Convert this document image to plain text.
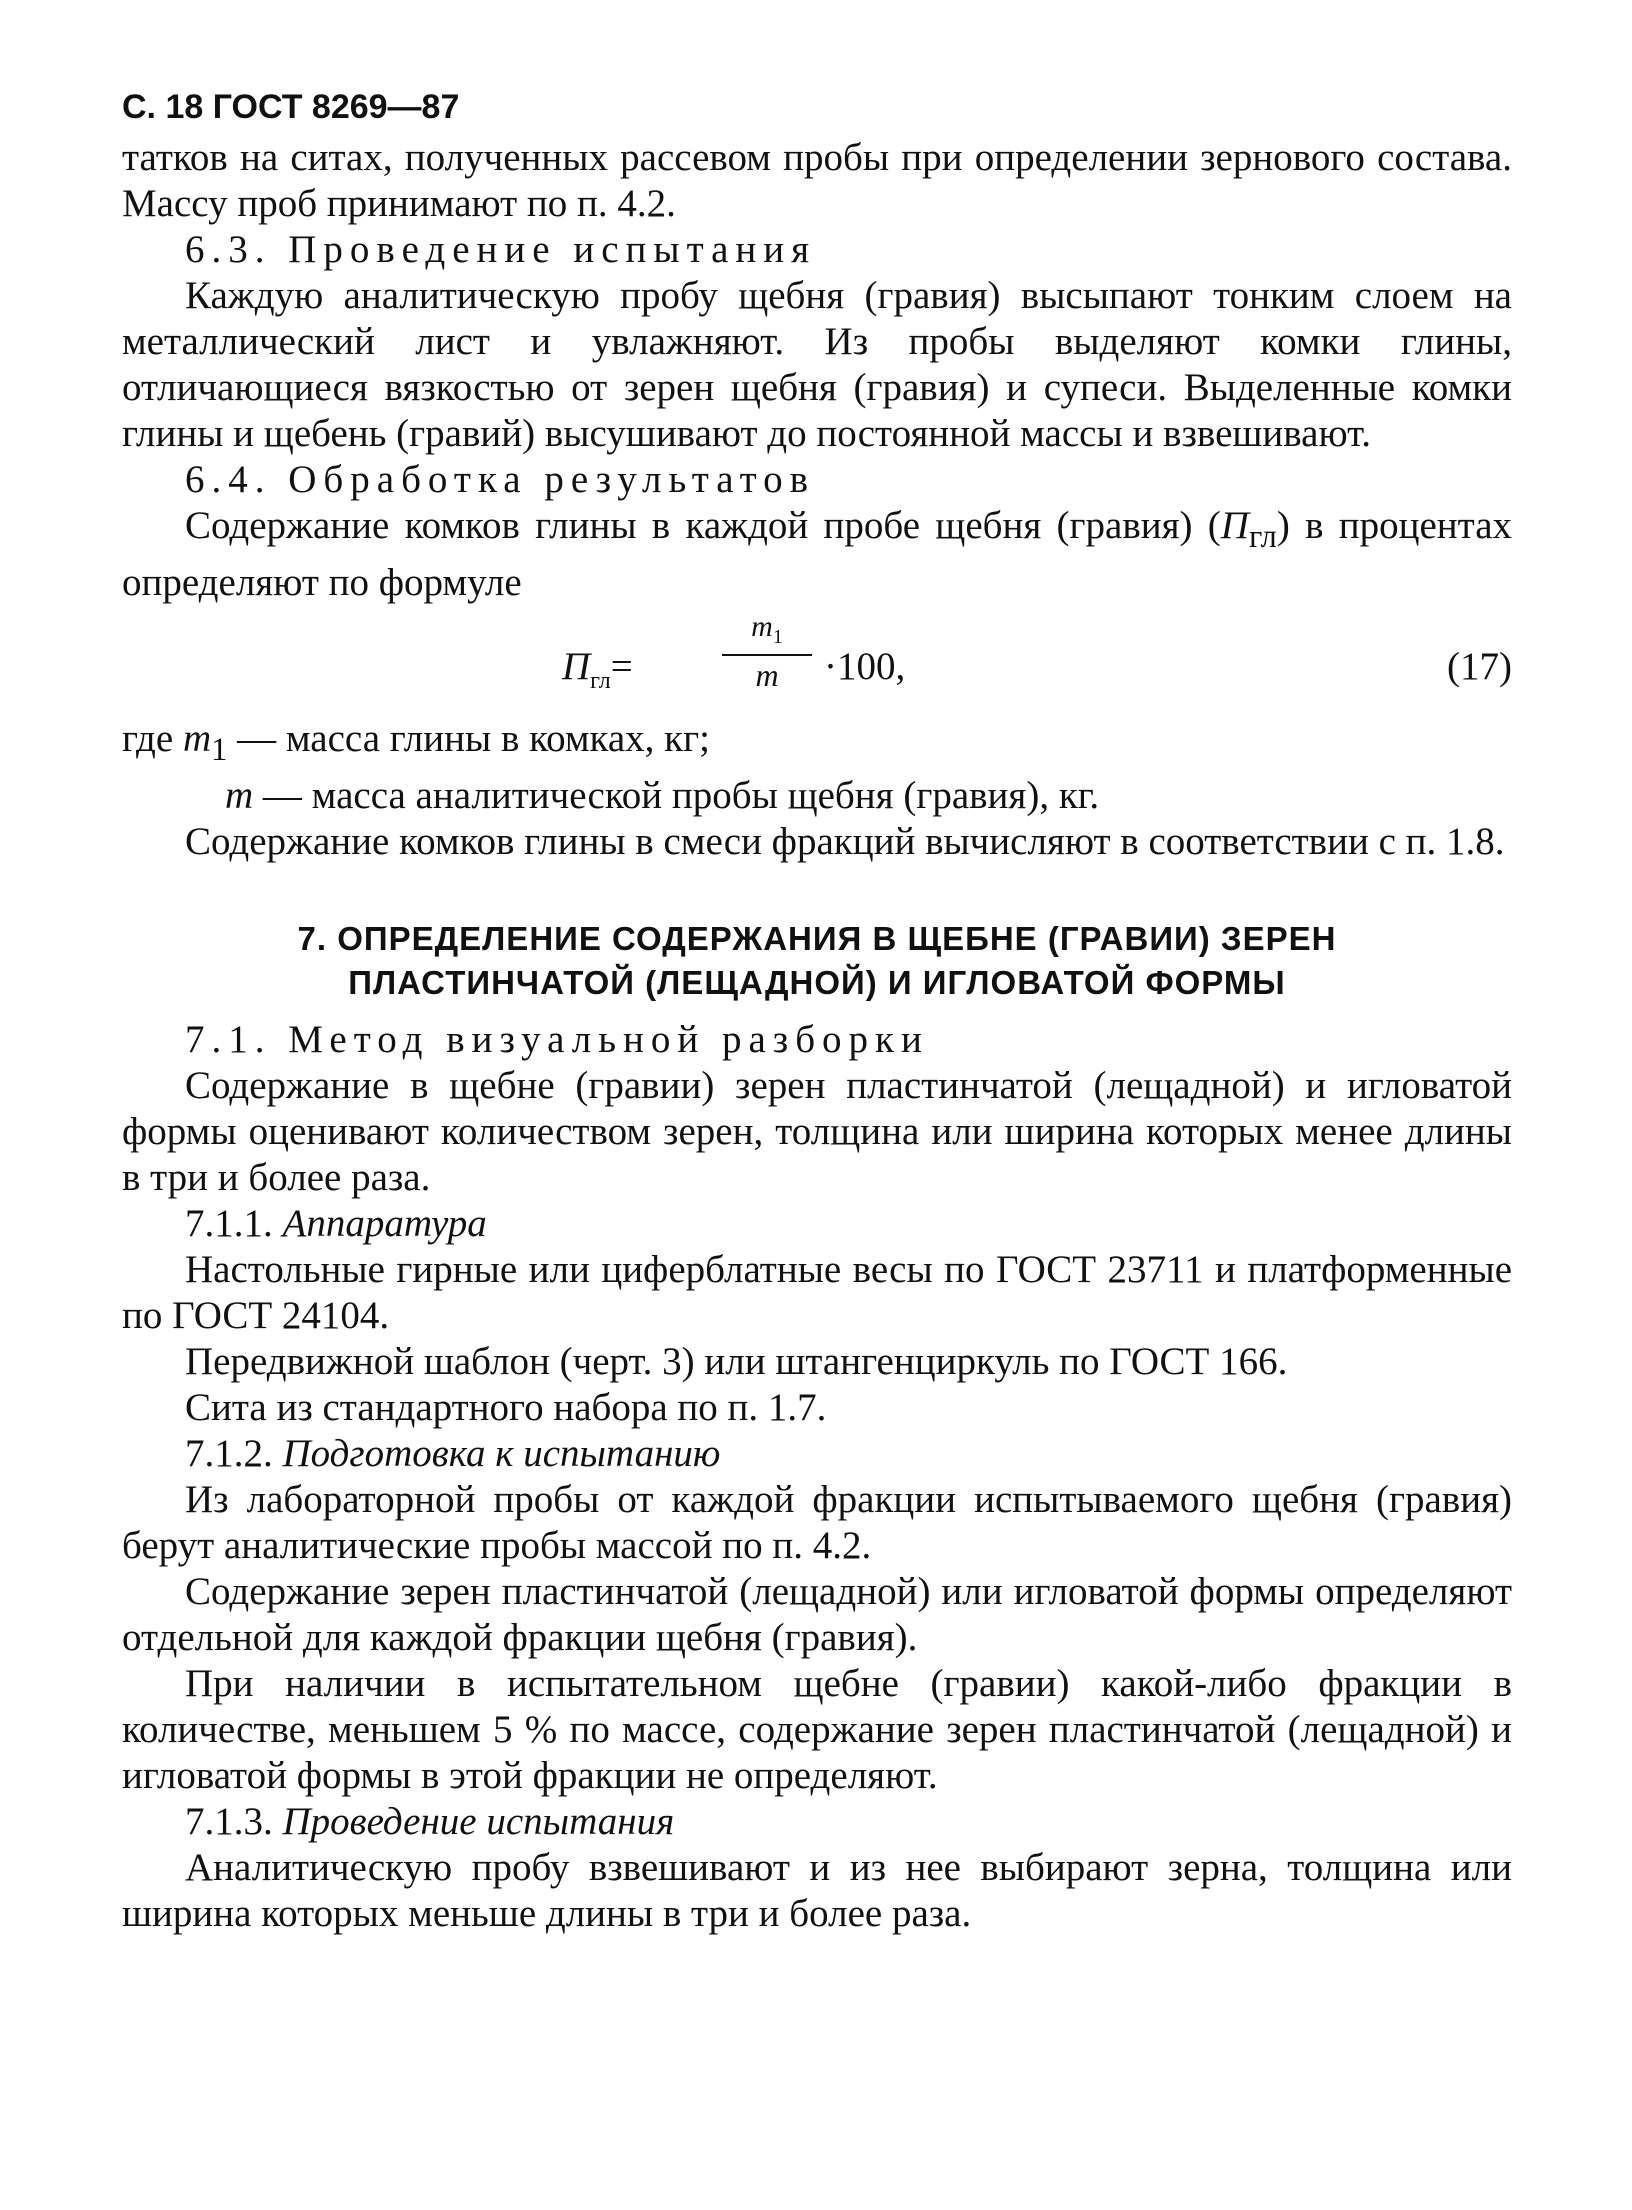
С. 18 ГОСТ 8269—87

татков на ситах, полученных рассевом пробы при определении зернового состава. Массу проб принимают по п. 4.2.

6.3. Проведение испытания

Каждую аналитическую пробу щебня (гравия) высыпают тонким слоем на металлический лист и увлажняют. Из пробы выделяют комки глины, отличающиеся вязкостью от зерен щебня (гравия) и супеси. Выделенные комки глины и щебень (гравий) высушивают до постоянной массы и взвешивают.

6.4. Обработка результатов

Содержание комков глины в каждой пробе щебня (гравия) $(П_{гл})$ в процентах определяют по формуле

$П_{гл}=$	$\frac{m_1}{m} \cdot 100$,	(17)
где $m_1$ — масса глины в комках, кг;
m — масса аналитической пробы щебня (гравия), кг.

Содержание комков глины в смеси фракций вычисляют в соответствии с п. 1.8.

7. ОПРЕДЕЛЕНИЕ СОДЕРЖАНИЯ В ЩЕБНЕ (ГРАВИИ) ЗЕРЕН
ПЛАСТИНЧАТОЙ (ЛЕЩАДНОЙ) И ИГЛОВАТОЙ ФОРМЫ

7.1. Метод визуальной разборки

Содержание в щебне (гравии) зерен пластинчатой (лещадной) и игловатой формы оценивают количеством зерен, толщина или ширина которых менее длины в три и более раза.

7.1.1. Аппаратура

Настольные гирные или циферблатные весы по ГОСТ 23711 и платформенные по ГОСТ 24104.

Передвижной шаблон (черт. 3) или штангенциркуль по ГОСТ 166.

Сита из стандартного набора по п. 1.7.

7.1.2. Подготовка к испытанию

Из лабораторной пробы от каждой фракции испытываемого щебня (гравия) берут аналитические пробы массой по п. 4.2.

Содержание зерен пластинчатой (лещадной) или игловатой формы определяют отдельной для каждой фракции щебня (гравия).

При наличии в испытательном щебне (гравии) какой-либо фракции в количестве, меньшем 5 % по массе, содержание зерен пластинчатой (лещадной) и игловатой формы в этой фракции не определяют.

7.1.3. Проведение испытания

Аналитическую пробу взвешивают и из нее выбирают зерна, толщина или ширина которых меньше длины в три и более раза.
